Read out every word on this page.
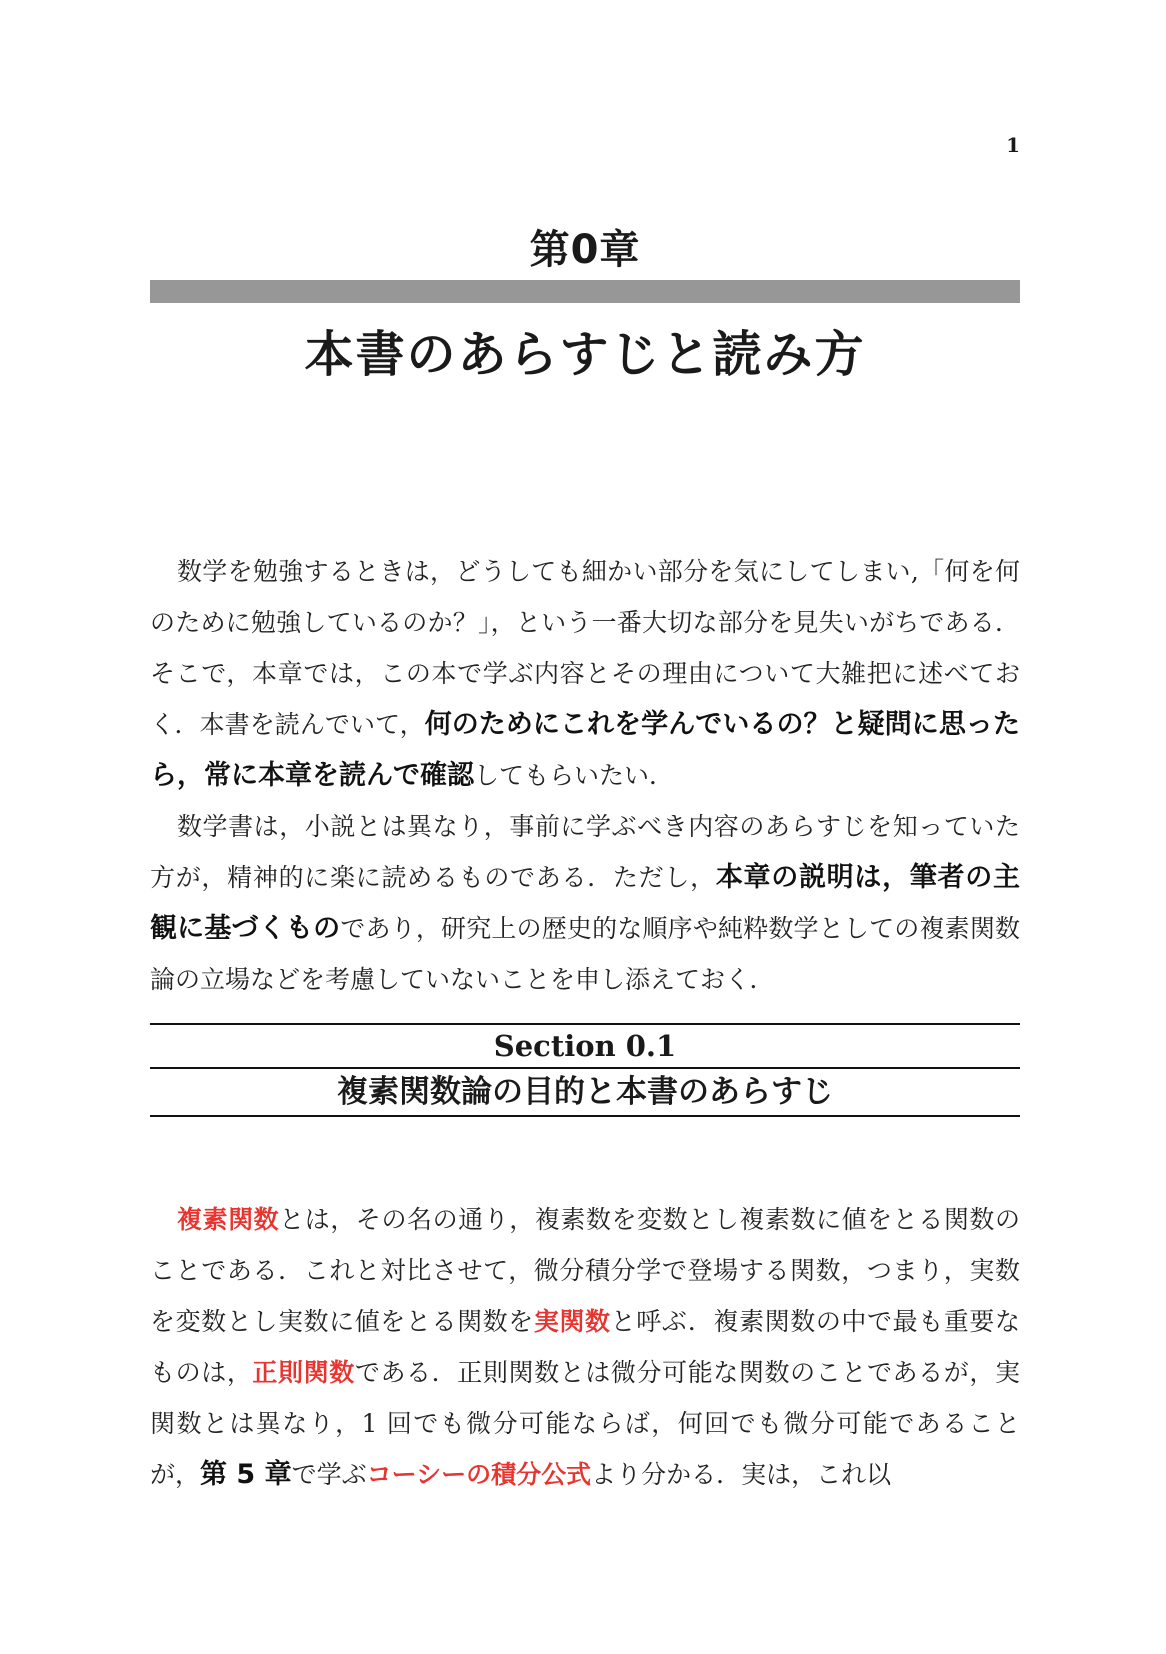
1
第0章
本書のあらすじと読み方

数学を勉強するときは，どうしても細かい部分を気にしてしまい,「何を何のために勉強しているのか？」，という一番大切な部分を見失いがちである．そこで，本章では，この本で学ぶ内容とその理由について大雑把に述べておく．本書を読んでいて，何のためにこれを学んでいるの？と疑問に思ったら，常に本章を読んで確認してもらいたい．

数学書は，小説とは異なり，事前に学ぶべき内容のあらすじを知っていた方が，精神的に楽に読めるものである．ただし，本章の説明は，筆者の主観に基づくものであり，研究上の歴史的な順序や純粋数学としての複素関数論の立場などを考慮していないことを申し添えておく．

Section 0.1
複素関数論の目的と本書のあらすじ

複素関数とは，その名の通り，複素数を変数とし複素数に値をとる関数のことである．これと対比させて，微分積分学で登場する関数，つまり，実数を変数とし実数に値をとる関数を実関数と呼ぶ．複素関数の中で最も重要なものは，正則関数である．正則関数とは微分可能な関数のことであるが，実関数とは異なり，1 回でも微分可能ならば，何回でも微分可能であることが，第 5 章で学ぶコーシーの積分公式より分かる．実は，これ以
